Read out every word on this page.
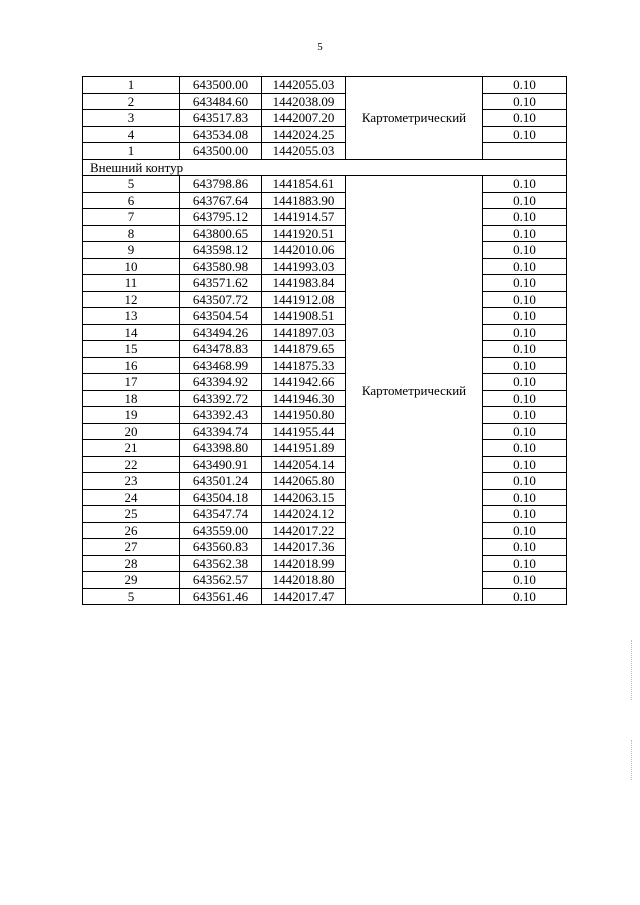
5
1	643500.00	1442055.03	Картометрический	0.10
2	643484.60	1442038.09		0.10
3	643517.83	1442007.20		0.10
4	643534.08	1442024.25		0.10
1	643500.00	1442055.03		
Внешний контур				
5	643798.86	1441854.61	Картометрический	0.10
6	643767.64	1441883.90		0.10
7	643795.12	1441914.57		0.10
8	643800.65	1441920.51		0.10
9	643598.12	1442010.06		0.10
10	643580.98	1441993.03		0.10
11	643571.62	1441983.84		0.10
12	643507.72	1441912.08		0.10
13	643504.54	1441908.51		0.10
14	643494.26	1441897.03		0.10
15	643478.83	1441879.65		0.10
16	643468.99	1441875.33		0.10
17	643394.92	1441942.66		0.10
18	643392.72	1441946.30		0.10
19	643392.43	1441950.80		0.10
20	643394.74	1441955.44		0.10
21	643398.80	1441951.89		0.10
22	643490.91	1442054.14		0.10
23	643501.24	1442065.80		0.10
24	643504.18	1442063.15		0.10
25	643547.74	1442024.12		0.10
26	643559.00	1442017.22		0.10
27	643560.83	1442017.36		0.10
28	643562.38	1442018.99		0.10
29	643562.57	1442018.80		0.10
5	643561.46	1442017.47		0.10
